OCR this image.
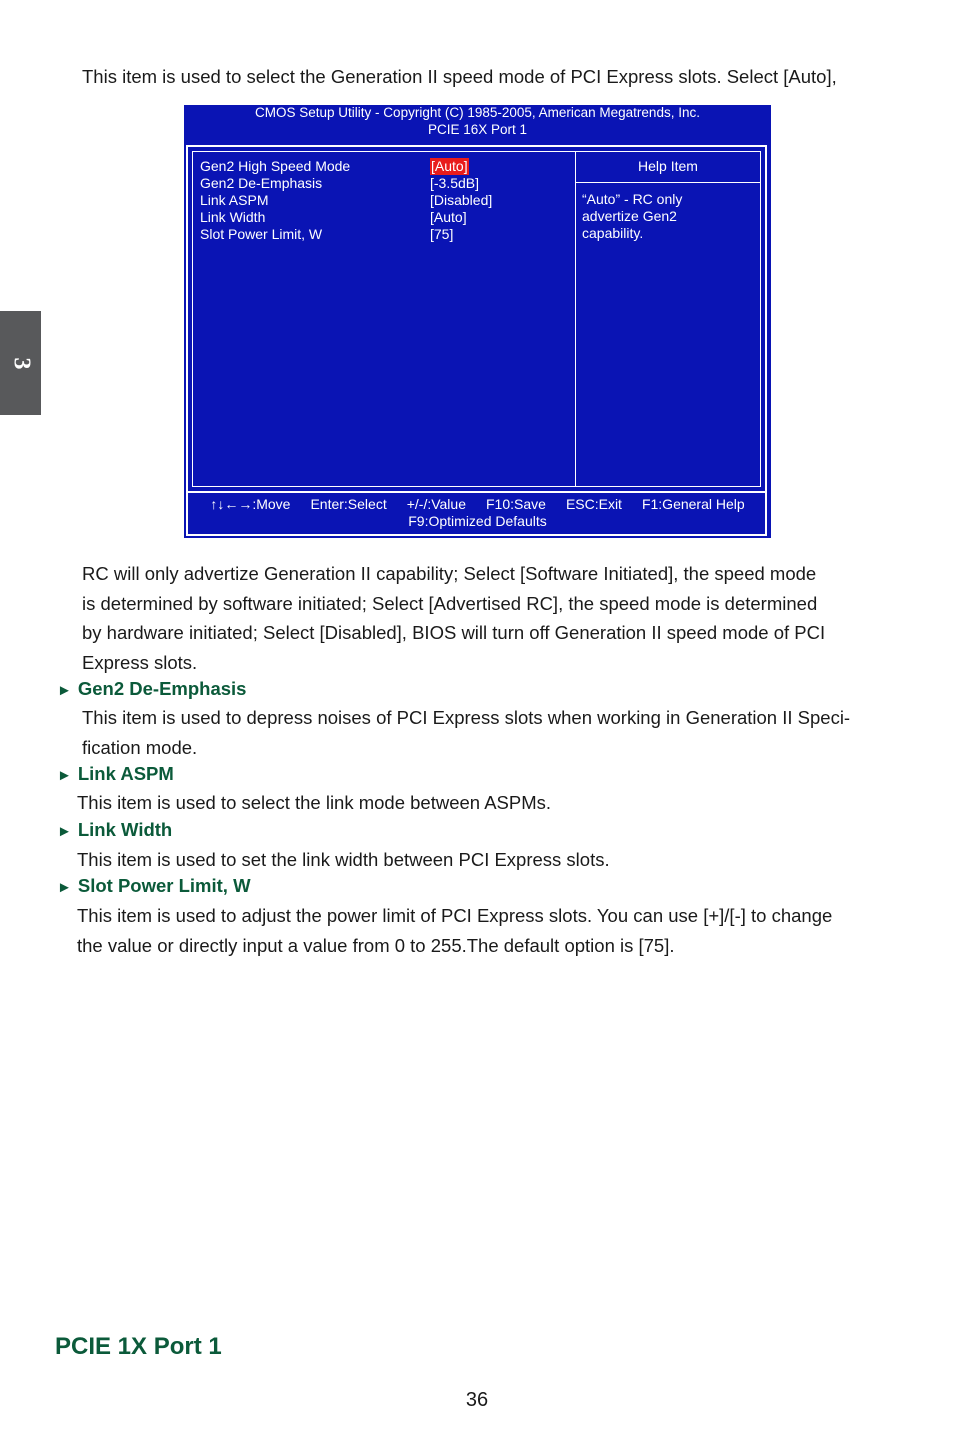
This item is used to select the Generation II speed mode of PCI Express slots. Select [Auto],

3
CMOS Setup Utility - Copyright (C) 1985-2005, American Megatrends, Inc.
PCIE 16X Port 1
Gen2 High Speed Mode	[Auto]
Gen2 De-Emphasis	[-3.5dB]
Link ASPM	[Disabled]
Link Width	[Auto]
Slot Power Limit, W	[75]
Help Item
“Auto” - RC only
advertize Gen2
capability.
↑↓←→:Move Enter:Select +/-/:Value F10:Save ESC:Exit F1:General Help
F9:Optimized Defaults

RC will only advertize Generation II capability; Select [Software Initiated], the speed mode
is determined by software initiated; Select [Advertised RC], the speed mode is determined
by hardware initiated; Select [Disabled], BIOS will turn off Generation II speed mode of PCI
Express slots.

► Gen2 De-Emphasis

This item is used to depress noises of PCI Express slots when working in Generation II Speci-
fication mode.

► Link ASPM

This item is used to select the link mode between ASPMs.

► Link Width

This item is used to set the link width between PCI Express slots.

► Slot Power Limit, W

This item is used to adjust the power limit of PCI Express slots. You can use [+]/[-] to change
the value or directly input a value from 0 to 255.The default option is [75].

PCIE 1X Port 1
36
